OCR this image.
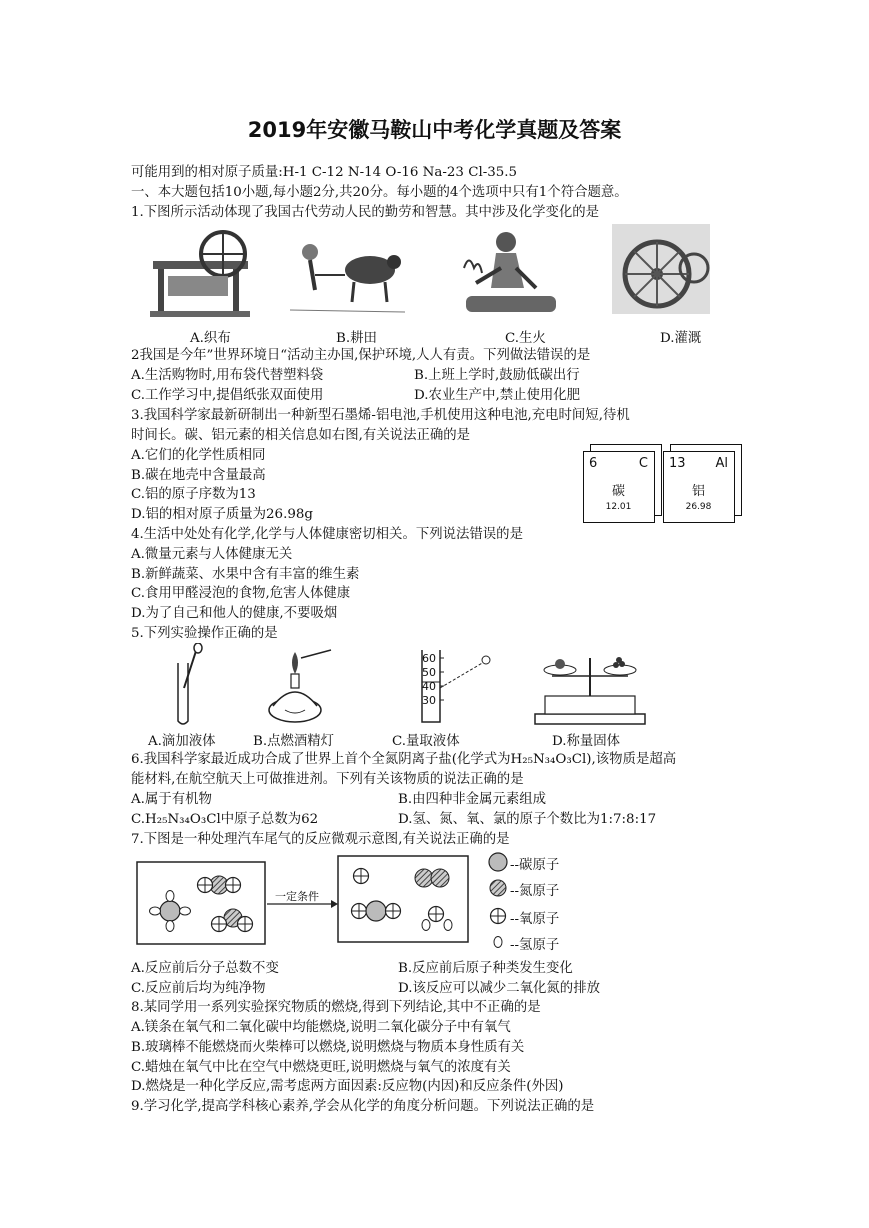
2019年安徽马鞍山中考化学真题及答案
可能用到的相对原子质量:H-1 C-12 N-14 O-16 Na-23 Cl-35.5
一、本大题包括10小题,每小题2分,共20分。每小题的4个选项中只有1个符合题意。
1.下图所示活动体现了我国古代劳动人民的勤劳和智慧。其中涉及化学变化的是
A.织布	B.耕田	C.生火	D.灌溉
2我国是今年”世界环境日“活动主办国,保护环境,人人有责。下列做法错误的是
A.生活购物时,用布袋代替塑料袋	B.上班上学时,鼓励低碳出行
C.工作学习中,提倡纸张双面使用	D.农业生产中,禁止使用化肥
3.我国科学家最新研制出一种新型石墨烯-铝电池,手机使用这种电池,充电时间短,待机
时间长。碳、铝元素的相关信息如右图,有关说法正确的是
A.它们的化学性质相同
B.碳在地壳中含量最高
C.铝的原子序数为13
D.铝的相对原子质量为26.98g
6	C
碳
12.01
13 Al
铝
26.98
4.生活中处处有化学,化学与人体健康密切相关。下列说法错误的是
A.微量元素与人体健康无关
B.新鲜蔬菜、水果中含有丰富的维生素
C.食用甲醛浸泡的食物,危害人体健康
D.为了自己和他人的健康,不要吸烟
5.下列实验操作正确的是
60
50
40
30
A.滴加液体	B.点燃酒精灯	C.量取液体	D.称量固体
6.我国科学家最近成功合成了世界上首个全氮阴离子盐(化学式为H₂₅N₃₄O₃Cl),该物质是超高
能材料,在航空航天上可做推进剂。下列有关该物质的说法正确的是
A.属于有机物	B.由四种非金属元素组成
C.H₂₅N₃₄O₃Cl中原子总数为62	D.氢、氮、氧、氯的原子个数比为1:7:8:17
7.下图是一种处理汽车尾气的反应微观示意图,有关说法正确的是
一定条件
--碳原子
--氮原子
--氧原子
--氢原子
A.反应前后分子总数不变	B.反应前后原子种类发生变化
C.反应前后均为纯净物	D.该反应可以减少二氧化氮的排放
8.某同学用一系列实验探究物质的燃烧,得到下列结论,其中不正确的是
A.镁条在氧气和二氧化碳中均能燃烧,说明二氧化碳分子中有氧气
B.玻璃棒不能燃烧而火柴棒可以燃烧,说明燃烧与物质本身性质有关
C.蜡烛在氧气中比在空气中燃烧更旺,说明燃烧与氧气的浓度有关
D.燃烧是一种化学反应,需考虑两方面因素:反应物(内因)和反应条件(外因)
9.学习化学,提高学科核心素养,学会从化学的角度分析问题。下列说法正确的是
